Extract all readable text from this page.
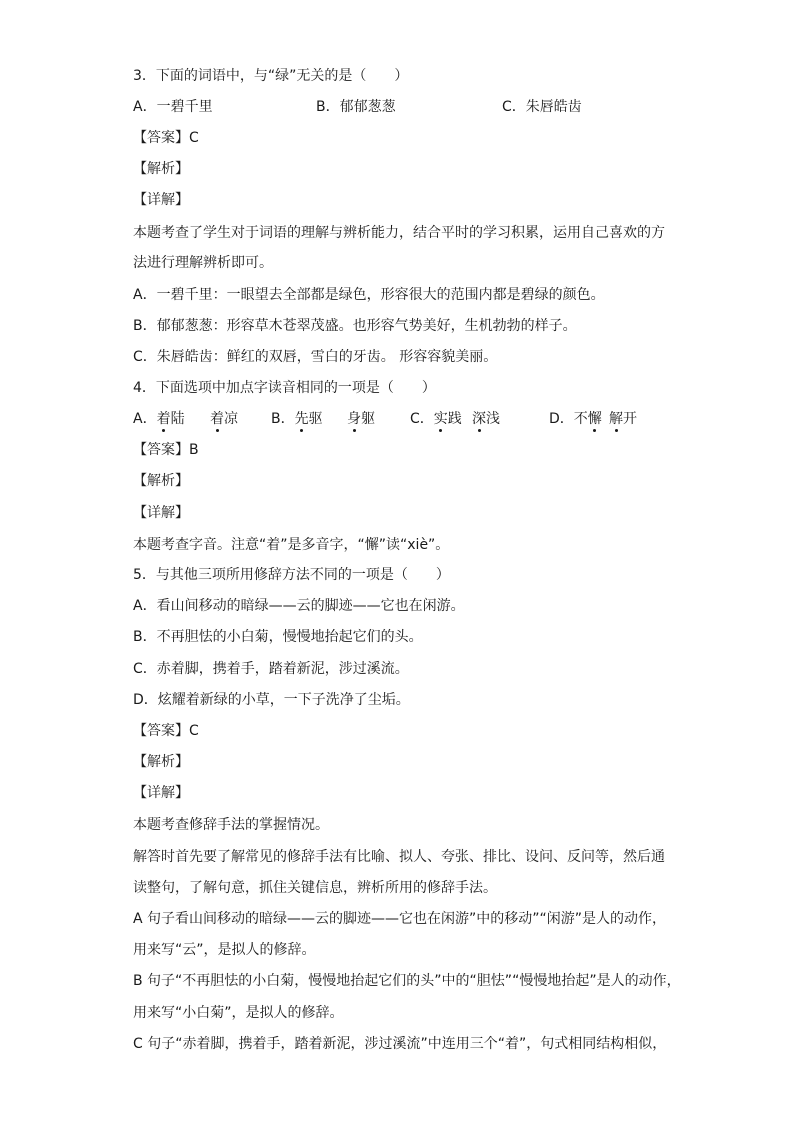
3．下面的词语中，与“绿”无关的是（　　）
A．一碧千里	B．郁郁葱葱	C．朱唇皓齿
【答案】C
【解析】
【详解】
本题考查了学生对于词语的理解与辨析能力，结合平时的学习积累，运用自己喜欢的方
法进行理解辨析即可。
A．一碧千里：一眼望去全部都是绿色，形容很大的范围内都是碧绿的颜色。
B．郁郁葱葱：形容草木苍翠茂盛。也形容气势美好，生机勃勃的样子。
C．朱唇皓齿：鲜红的双唇，雪白的牙齿。 形容容貌美丽。
4．下面选项中加点字读音相同的一项是（　　）
A．着陆 着凉 B．先驱 身躯	C．实践 深浅	D．不懈 解开
【答案】B
【解析】
【详解】
本题考查字音。注意“着”是多音字，“懈”读“xiè”。
5．与其他三项所用修辞方法不同的一项是（　　）
A．看山间移动的暗绿——云的脚迹——它也在闲游。
B．不再胆怯的小白菊，慢慢地抬起它们的头。
C．赤着脚，携着手，踏着新泥，涉过溪流。
D．炫耀着新绿的小草，一下子洗净了尘垢。
【答案】C
【解析】
【详解】
本题考查修辞手法的掌握情况。
解答时首先要了解常见的修辞手法有比喻、拟人、夸张、排比、设问、反问等，然后通
读整句，了解句意，抓住关键信息，辨析所用的修辞手法。
A 句子看山间移动的暗绿——云的脚迹——它也在闲游”中的移动”“闲游”是人的动作，
用来写“云”，是拟人的修辞。
B 句子“不再胆怯的小白菊，慢慢地抬起它们的头”中的“胆怯”“慢慢地抬起”是人的动作，
用来写“小白菊”，是拟人的修辞。
C 句子“赤着脚，携着手，踏着新泥，涉过溪流”中连用三个“着”，句式相同结构相似，
